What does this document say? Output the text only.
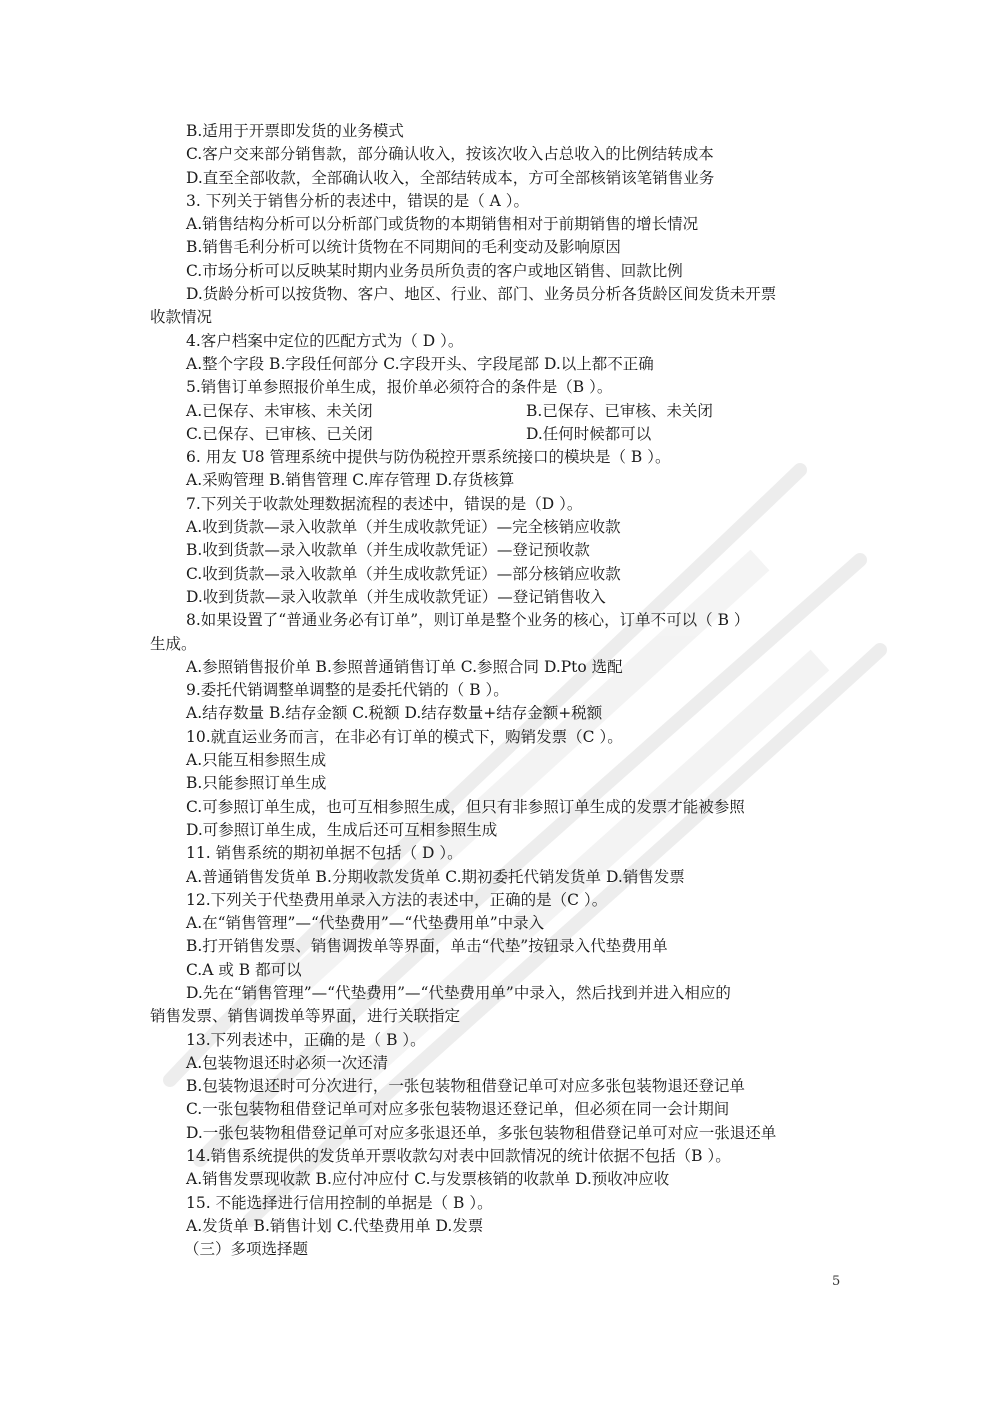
B.适用于开票即发货的业务模式
C.客户交来部分销售款，部分确认收入，按该次收入占总收入的比例结转成本
D.直至全部收款，全部确认收入，全部结转成本，方可全部核销该笔销售业务
3. 下列关于销售分析的表述中，错误的是（ A ）。
A.销售结构分析可以分析部门或货物的本期销售相对于前期销售的增长情况
B.销售毛利分析可以统计货物在不同期间的毛利变动及影响原因
C.市场分析可以反映某时期内业务员所负责的客户或地区销售、回款比例
D.货龄分析可以按货物、客户、地区、行业、部门、业务员分析各货龄区间发货未开票
收款情况
4.客户档案中定位的匹配方式为（ D ）。
A.整个字段 B.字段任何部分 C.字段开头、字段尾部 D.以上都不正确
5.销售订单参照报价单生成，报价单必须符合的条件是（B ）。
A.已保存、未审核、未关闭	B.已保存、已审核、未关闭
C.已保存、已审核、已关闭	D.任何时候都可以
6. 用友 U8 管理系统中提供与防伪税控开票系统接口的模块是（ B ）。
A.采购管理 B.销售管理 C.库存管理 D.存货核算
7.下列关于收款处理数据流程的表述中，错误的是（D ）。
A.收到货款—录入收款单（并生成收款凭证）—完全核销应收款
B.收到货款—录入收款单（并生成收款凭证）—登记预收款
C.收到货款—录入收款单（并生成收款凭证）—部分核销应收款
D.收到货款—录入收款单（并生成收款凭证）—登记销售收入
8.如果设置了“普通业务必有订单”，则订单是整个业务的核心，订单不可以（ B ）
生成。
A.参照销售报价单 B.参照普通销售订单 C.参照合同 D.Pto 选配
9.委托代销调整单调整的是委托代销的（ B ）。
A.结存数量 B.结存金额 C.税额 D.结存数量+结存金额+税额
10.就直运业务而言，在非必有订单的模式下，购销发票（C ）。
A.只能互相参照生成
B.只能参照订单生成
C.可参照订单生成，也可互相参照生成，但只有非参照订单生成的发票才能被参照
D.可参照订单生成，生成后还可互相参照生成
11. 销售系统的期初单据不包括（ D ）。
A.普通销售发货单 B.分期收款发货单 C.期初委托代销发货单 D.销售发票
12.下列关于代垫费用单录入方法的表述中，正确的是（C ）。
A.在“销售管理”—“代垫费用”—“代垫费用单”中录入
B.打开销售发票、销售调拨单等界面，单击“代垫”按钮录入代垫费用单
C.A 或 B 都可以
D.先在“销售管理”—“代垫费用”—“代垫费用单”中录入，然后找到并进入相应的
销售发票、销售调拨单等界面，进行关联指定
13.下列表述中，正确的是（ B ）。
A.包装物退还时必须一次还清
B.包装物退还时可分次进行，一张包装物租借登记单可对应多张包装物退还登记单
C.一张包装物租借登记单可对应多张包装物退还登记单，但必须在同一会计期间
D.一张包装物租借登记单可对应多张退还单，多张包装物租借登记单可对应一张退还单
14.销售系统提供的发货单开票收款勾对表中回款情况的统计依据不包括（B ）。
A.销售发票现收款 B.应付冲应付 C.与发票核销的收款单 D.预收冲应收
15. 不能选择进行信用控制的单据是（ B ）。
A.发货单 B.销售计划 C.代垫费用单 D.发票
（三）多项选择题
5
